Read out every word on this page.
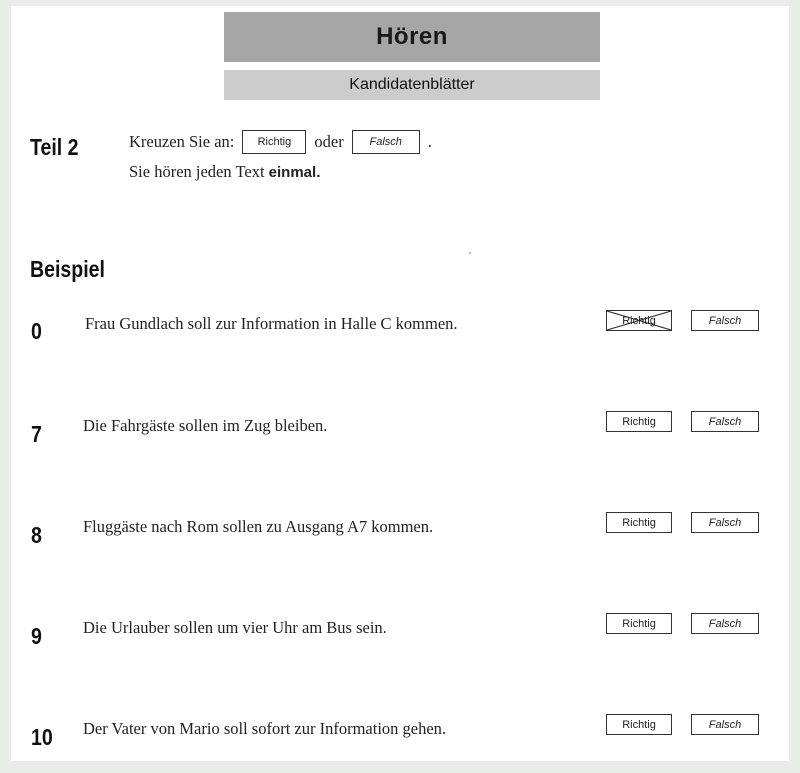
Hören
Kandidatenblätter
Teil 2	Kreuzen Sie an:	Richtig	oder	Falsch	.
Sie hören jeden Text einmal.
Beispiel
0	Frau Gundlach soll zur Information in Halle C kommen.	Richtig	Falsch
7 Die Fahrgäste sollen im Zug bleiben.	Richtig	Falsch
8 Fluggäste nach Rom sollen zu Ausgang A7 kommen.	Richtig	Falsch
9 Die Urlauber sollen um vier Uhr am Bus sein.	Richtig	Falsch
10 Der Vater von Mario soll sofort zur Information gehen.	Richtig	Falsch
